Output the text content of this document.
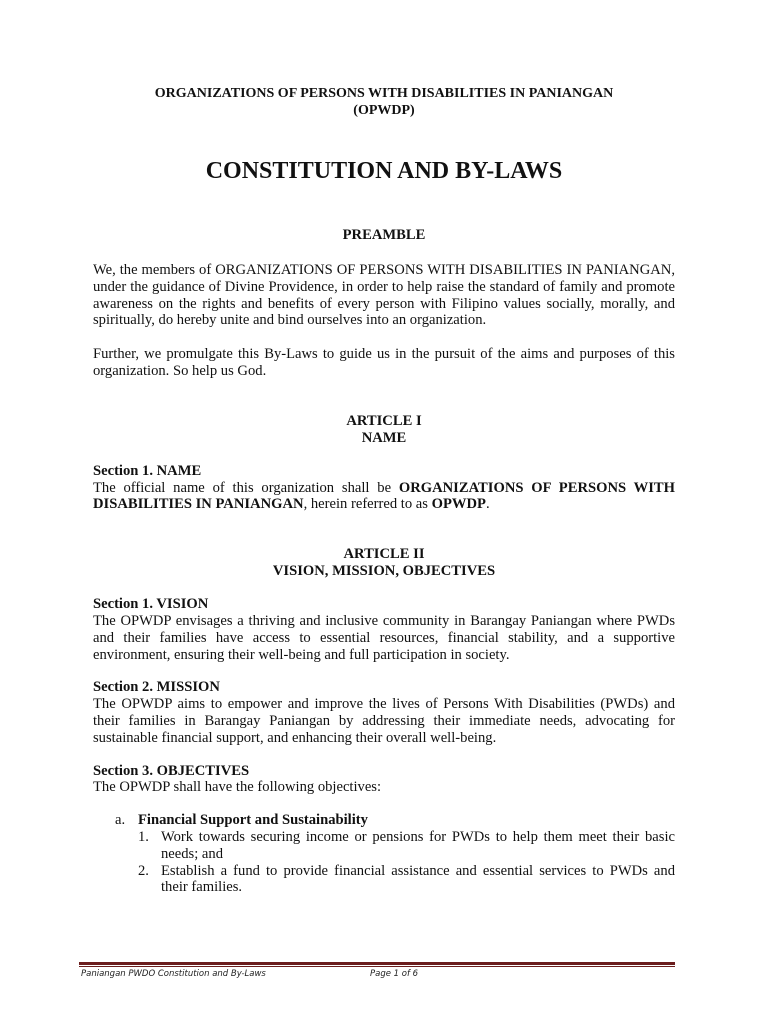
ORGANIZATIONS OF PERSONS WITH DISABILITIES IN PANIANGAN
(OPWDP)
CONSTITUTION AND BY-LAWS
PREAMBLE

We, the members of ORGANIZATIONS OF PERSONS WITH DISABILITIES IN PANIANGAN, under the guidance of Divine Providence, in order to help raise the standard of family and promote awareness on the rights and benefits of every person with Filipino values socially, morally, and spiritually, do hereby unite and bind ourselves into an organization.

Further, we promulgate this By-Laws to guide us in the pursuit of the aims and purposes of this organization. So help us God.

ARTICLE I
NAME
Section 1. NAME

The official name of this organization shall be ORGANIZATIONS OF PERSONS WITH DISABILITIES IN PANIANGAN, herein referred to as OPWDP.

ARTICLE II
VISION, MISSION, OBJECTIVES
Section 1. VISION

The OPWDP envisages a thriving and inclusive community in Barangay Paniangan where PWDs and their families have access to essential resources, financial stability, and a supportive environment, ensuring their well-being and full participation in society.

Section 2. MISSION

The OPWDP aims to empower and improve the lives of Persons With Disabilities (PWDs) and their families in Barangay Paniangan by addressing their immediate needs, advocating for sustainable financial support, and enhancing their overall well-being.

Section 3. OBJECTIVES

The OPWDP shall have the following objectives:

a. Financial Support and Sustainability
1. Work towards securing income or pensions for PWDs to help them meet their basic needs; and
2. Establish a fund to provide financial assistance and essential services to PWDs and their families.
Paniangan PWDO Constitution and By-Laws	Page 1 of 6
